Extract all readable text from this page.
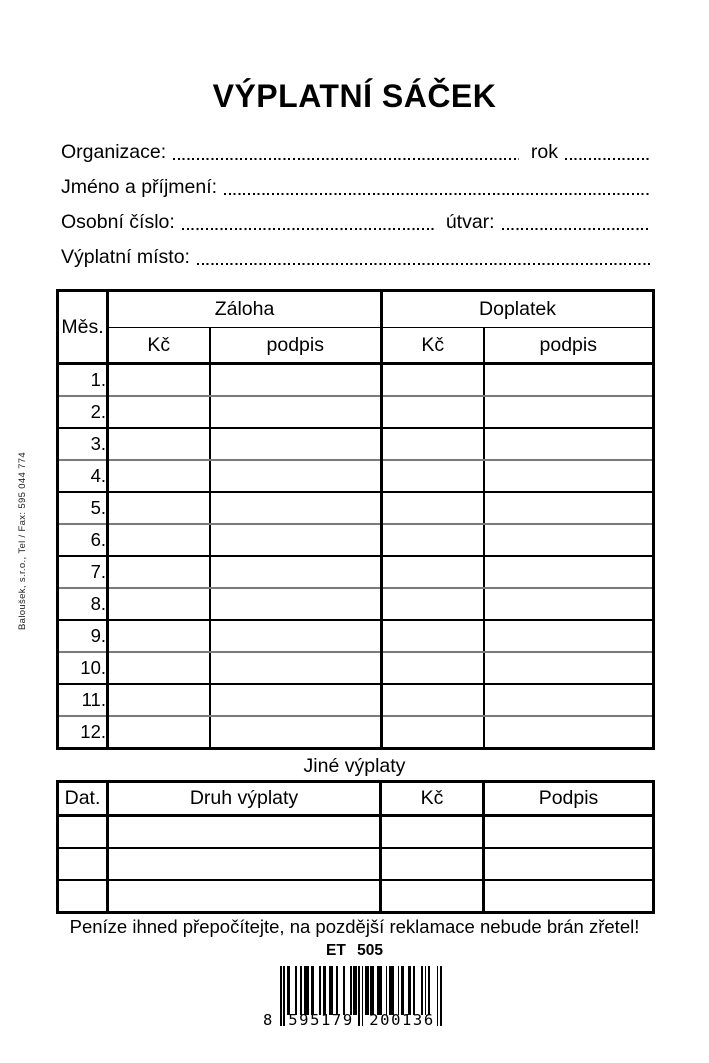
Baloušek, s.r.o., Tel / Fax: 595 044 774
VÝPLATNÍ SÁČEK
Organizace:	rok
Jméno a příjmení:
Osobní číslo:	útvar:
Výplatní místo:
Měs.	Záloha		Doplatek	
	Kč	podpis	Kč	podpis
1.				
2.				
3.				
4.				
5.				
6.				
7.				
8.				
9.				
10.				
11.				
12.				
Jiné výplaty
Dat.	Druh výplaty	Kč	Podpis

Peníze ihned přepočítejte, na pozdější reklamace nebude brán zřetel!
ET 505
8 595179 200136
